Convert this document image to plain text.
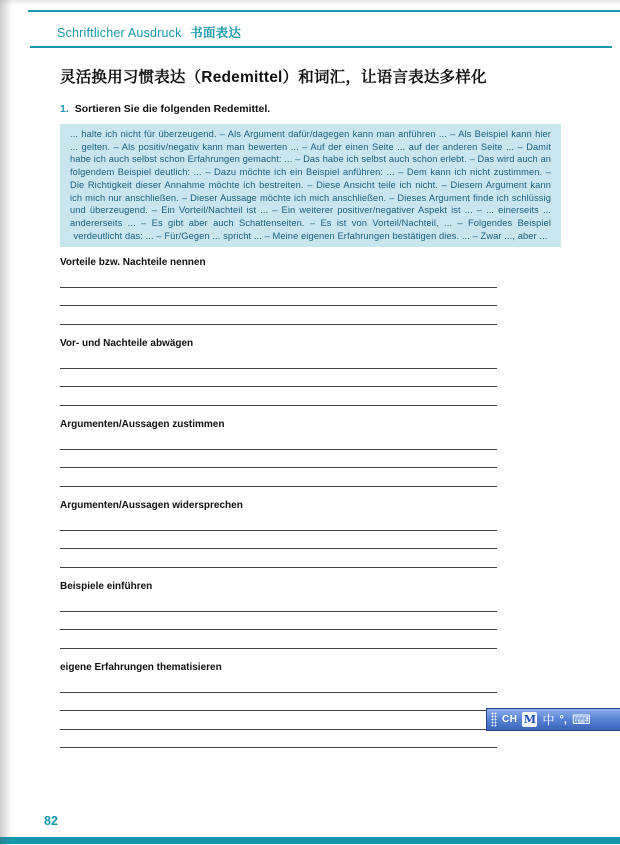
Schriftlicher Ausdruck 书面表达
灵活换用习惯表达（Redemittel）和词汇，让语言表达多样化
1. Sortieren Sie die folgenden Redemittel.
... halte ich nicht für überzeugend. – Als Argument dafür/dagegen kann man anführen ... – Als Beispiel kann hier ... gelten. – Als positiv/negativ kann man bewerten ... – Auf der einen Seite ... auf der anderen Seite ... – Damit habe ich auch selbst schon Erfahrungen gemacht: ... – Das habe ich selbst auch schon erlebt. – Das wird auch an folgendem Beispiel deutlich: ... – Dazu möchte ich ein Beispiel anführen: ... – Dem kann ich nicht zustimmen. – Die Richtigkeit dieser Annahme möchte ich bestreiten. – Diese Ansicht teile ich nicht. – Diesem Argument kann ich mich nur anschließen. – Dieser Aussage möchte ich mich anschließen. – Dieses Argument finde ich schlüssig und überzeugend. – Ein Vorteil/Nachteil ist ... – Ein weiterer positiver/negativer Aspekt ist ... – ... einerseits ... andererseits ... – Es gibt aber auch Schattenseiten. – Es ist von Vorteil/Nachteil, ... – Folgendes Beispiel verdeutlicht das: ... – Für/Gegen ... spricht ... – Meine eigenen Erfahrungen bestätigen dies. ... – Zwar ..., aber ...
Vorteile bzw. Nachteile nennen
Vor- und Nachteile abwägen
Argumenten/Aussagen zustimmen
Argumenten/Aussagen widersprechen
Beispiele einführen
eigene Erfahrungen thematisieren
82
CH M 中 °, ⌨
